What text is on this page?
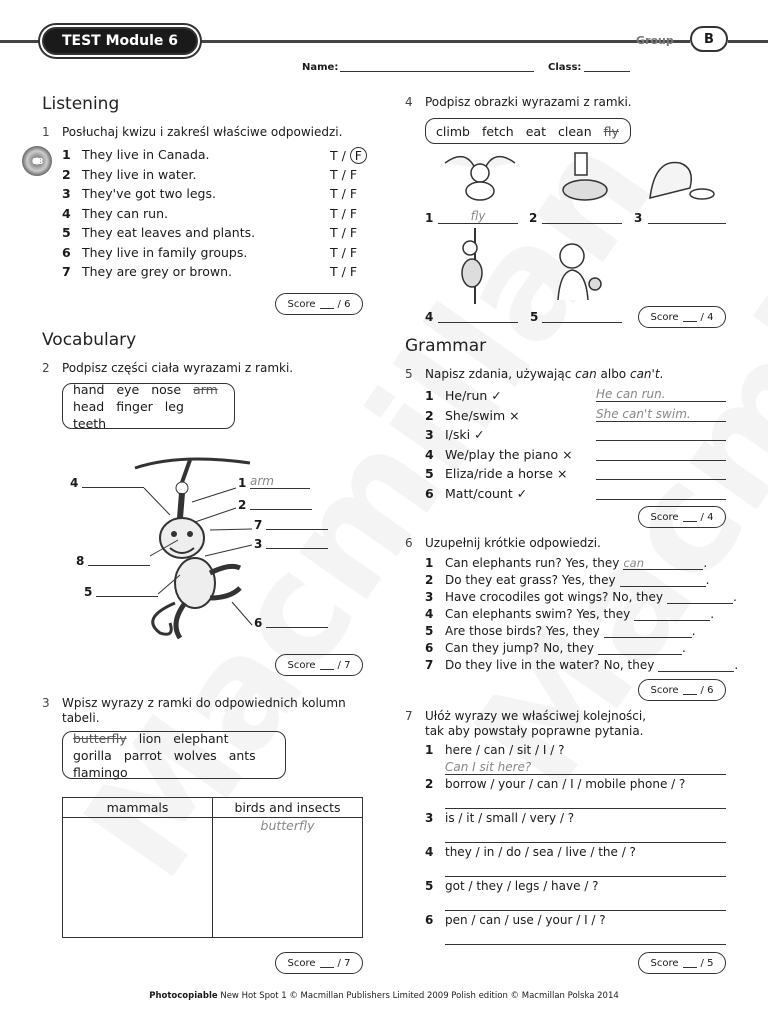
TEST Module 6	Group	B
Name:	Class:
Listening
1 Posłuchaj kwizu i zakreśl właściwe odpowiedzi.
08 1 They live in Canada.	T / F
2 They live in water.	T / F
3 They've got two legs.	T / F
4 They can run.	T / F
5 They eat leaves and plants.	T / F
6 They live in family groups.	T / F
7 They are grey or brown.	T / F
Score / 6
Vocabulary
2 Podpisz części ciała wyrazami z ramki.
hand eye nose arm
head finger leg
teeth
4	1 arm
2
7
3
8
5
6
Score / 7
3 Wpisz wyrazy z ramki do odpowiednich kolumn tabeli.
butterfly lion elephant
gorilla parrot wolves ants
flamingo
mammals	birds and insects
	butterfly
Score / 7
4 Podpisz obrazki wyrazami z ramki.
climb fetch eat clean fly
1	fly	2	3
4	5	Score / 4
Grammar
5 Napisz zdania, używając can albo can't.
1 He/run ✓	He can run.
2 She/swim ×	She can't swim.
3 I/ski ✓
4 We/play the piano ×
5 Eliza/ride a horse ×
6 Matt/count ✓
Score / 4
6 Uzupełnij krótkie odpowiedzi.
1 Can elephants run? Yes, they can	.
2 Do they eat grass? Yes, they	.
3 Have crocodiles got wings? No, they	.
4 Can elephants swim? Yes, they	.
5 Are those birds? Yes, they	.
6 Can they jump? No, they	.
7 Do they live in the water? No, they	.
Score / 6
7 Ułóż wyrazy we właściwej kolejności, tak aby powstały poprawne pytania.
1 here / can / sit / I / ?
Can I sit here?
2 borrow / your / can / I / mobile phone / ?
3 is / it / small / very / ?
4 they / in / do / sea / live / the / ?
5 got / they / legs / have / ?
6 pen / can / use / your / I / ?
Score / 5
Photocopiable New Hot Spot 1 © Macmillan Publishers Limited 2009 Polish edition © Macmillan Polska 2014
